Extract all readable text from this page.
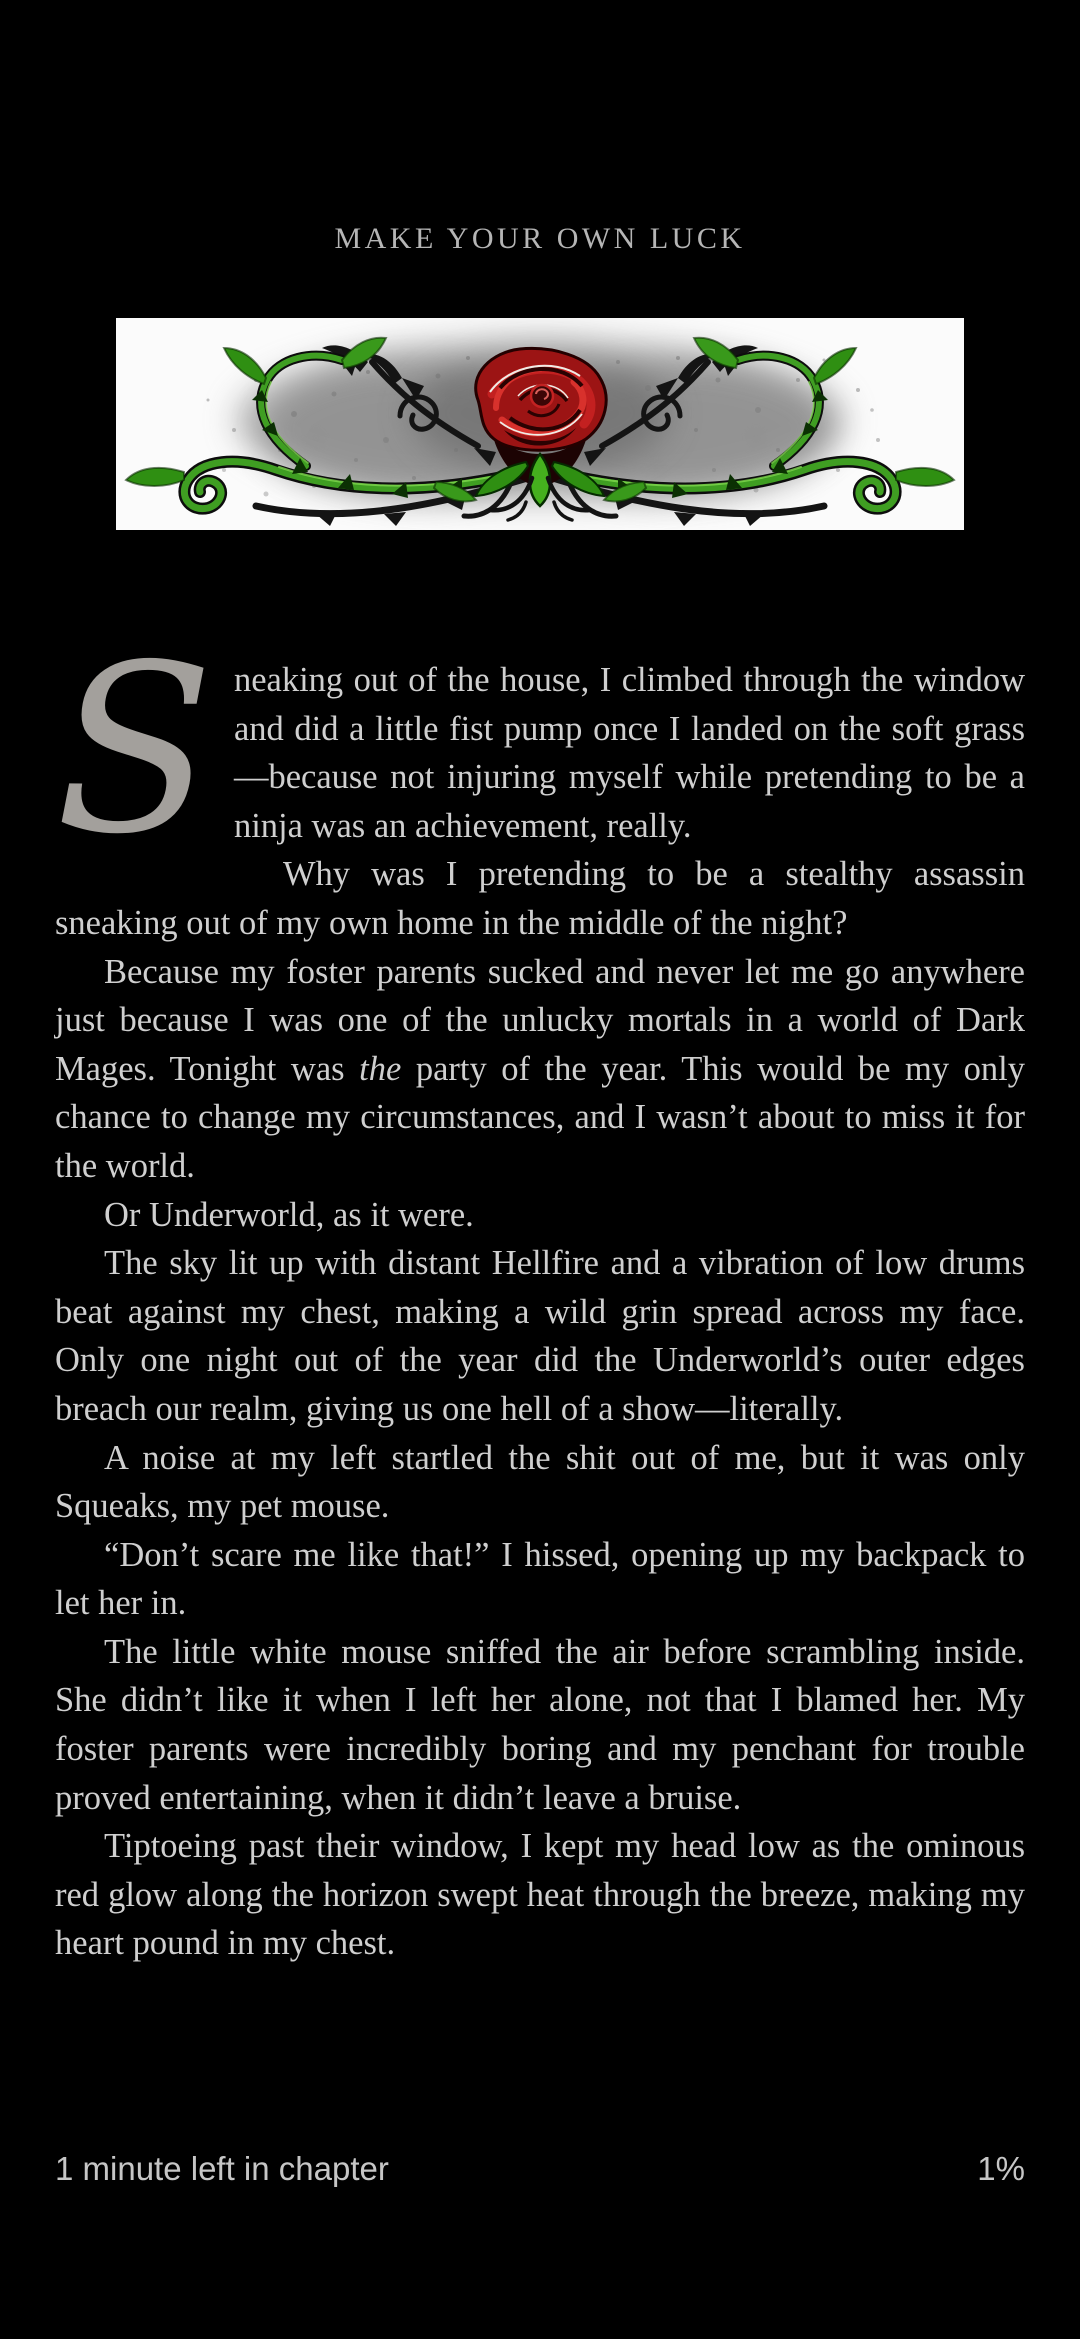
MAKE YOUR OWN LUCK

Sneaking out of the house, I climbed through the window and did a little fist pump once I landed on the soft grass—because not injuring myself while pretending to be a ninja was an achievement, really.

Why was I pretending to be a stealthy assassin sneaking out of my own home in the middle of the night?

Because my foster parents sucked and never let me go anywhere just because I was one of the unlucky mortals in a world of Dark Mages. Tonight was the party of the year. This would be my only chance to change my circumstances, and I wasn’t about to miss it for the world.

Or Underworld, as it were.

The sky lit up with distant Hellfire and a vibration of low drums beat against my chest, making a wild grin spread across my face. Only one night out of the year did the Underworld’s outer edges breach our realm, giving us one hell of a show—literally.

A noise at my left startled the shit out of me, but it was only Squeaks, my pet mouse.

“Don’t scare me like that!” I hissed, opening up my backpack to let her in.

The little white mouse sniffed the air before scrambling inside. She didn’t like it when I left her alone, not that I blamed her. My foster parents were incredibly boring and my penchant for trouble proved entertaining, when it didn’t leave a bruise.

Tiptoeing past their window, I kept my head low as the ominous red glow along the horizon swept heat through the breeze, making my heart pound in my chest.

1 minute left in chapter	1%
